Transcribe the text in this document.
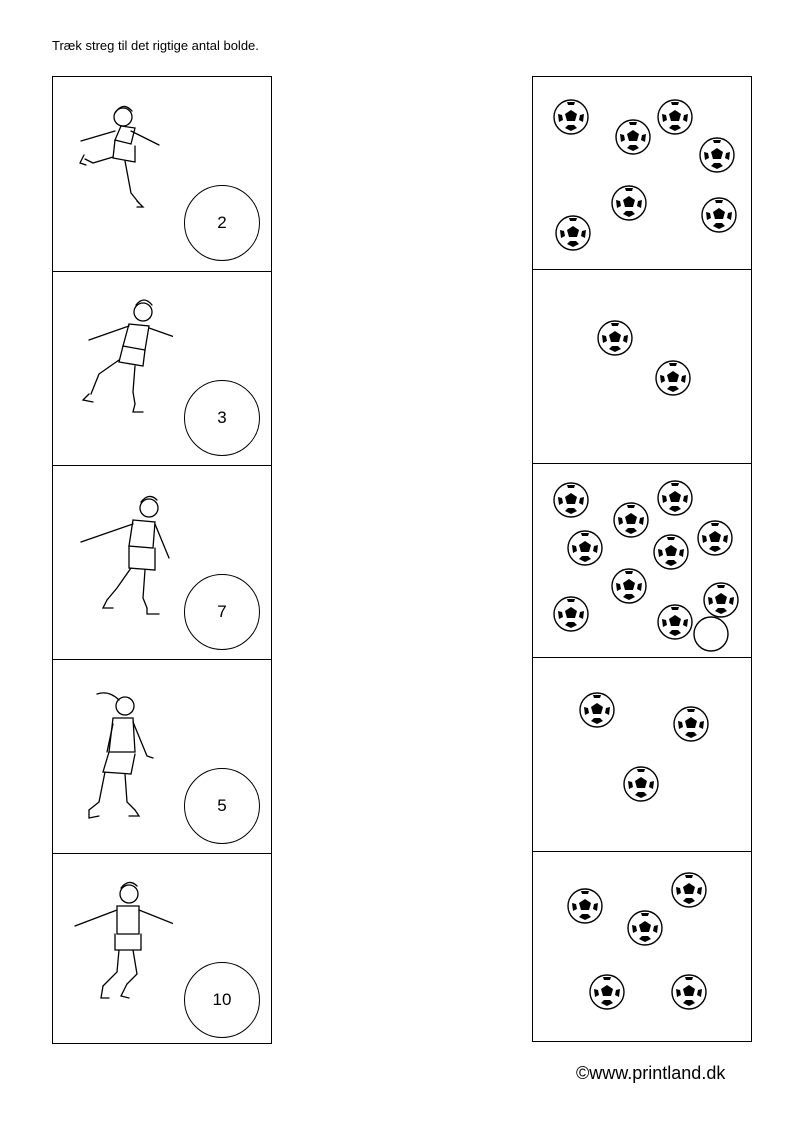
Træk streg til det rigtige antal bolde.
2
3
7
5
10
©www.printland.dk
